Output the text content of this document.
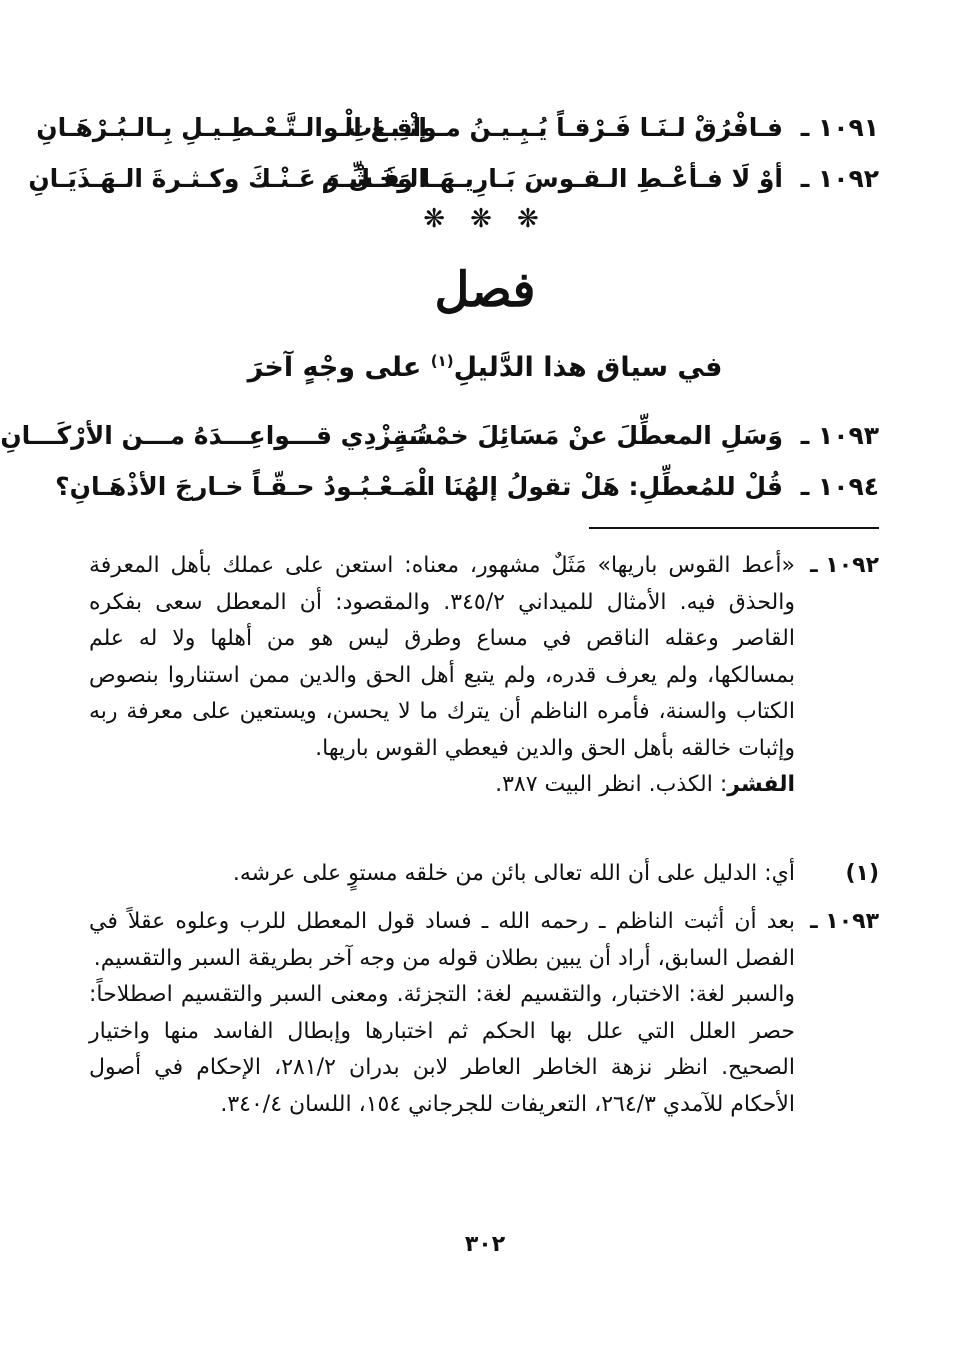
١٠٩١ ـ
فـافْرُقْ لـنَـا فَـرْقـاً يُـبِـيـنُ مـواقِـعَ الْـ
إثْـبـاتِ والـتَّـعْـطِـيـلِ بِـالـبُـرْهَـانِ
١٠٩٢ ـ
أوْ لَا فـأعْـطِ الـقـوسَ بَـارِيـهَـا وَخَـلِّ م
الـفَـشْـرَ عَـنْـكَ وكـثـرةَ الـهَـذَيَـانِ
❋ ❋ ❋
فصل
في سياق هذا الدَّليلِ$^{(١)}$ على وجْهٍ آخرَ
١٠٩٣ ـ
وَسَلِ المعطِّلَ عنْ مَسَائِلَ خمْسَةٍ
تُـــزْدِي قـــواعِـــدَهُ مـــن الأرْكَـــانِ
١٠٩٤ ـ
قُلْ للمُعطِّلِ: هَلْ تقولُ إلهُنَا الْـ
ـمَـعْـبُـودُ حـقّـاً خـارجَ الأذْهَـانِ؟
١٠٩٢ ـ
«أعط القوس باريها» مَثَلٌ مشهور، معناه: استعن على عملك بأهل المعرفة والحذق فيه. الأمثال للميداني ٣٤٥/٢. والمقصود: أن المعطل سعى بفكره القاصر وعقله الناقص في مساع وطرق ليس هو من أهلها ولا له علم بمسالكها، ولم يعرف قدره، ولم يتبع أهل الحق والدين ممن استناروا بنصوص الكتاب والسنة، فأمره الناظم أن يترك ما لا يحسن، ويستعين على معرفة ربه وإثبات خالقه بأهل الحق والدين فيعطي القوس باريها.
الفشر: الكذب. انظر البيت ٣٨٧.
(١)
أي: الدليل على أن الله تعالى بائن من خلقه مستوٍ على عرشه.
١٠٩٣ ـ
بعد أن أثبت الناظم ـ رحمه الله ـ فساد قول المعطل للرب وعلوه عقلاً في الفصل السابق، أراد أن يبين بطلان قوله من وجه آخر بطريقة السبر والتقسيم.
والسبر لغة: الاختبار، والتقسيم لغة: التجزئة. ومعنى السبر والتقسيم اصطلاحاً: حصر العلل التي علل بها الحكم ثم اختبارها وإبطال الفاسد منها واختيار الصحيح. انظر نزهة الخاطر العاطر لابن بدران ٢٨١/٢، الإحكام في أصول الأحكام للآمدي ٢٦٤/٣، التعريفات للجرجاني ١٥٤، اللسان ٣٤٠/٤.
٣٠٢
